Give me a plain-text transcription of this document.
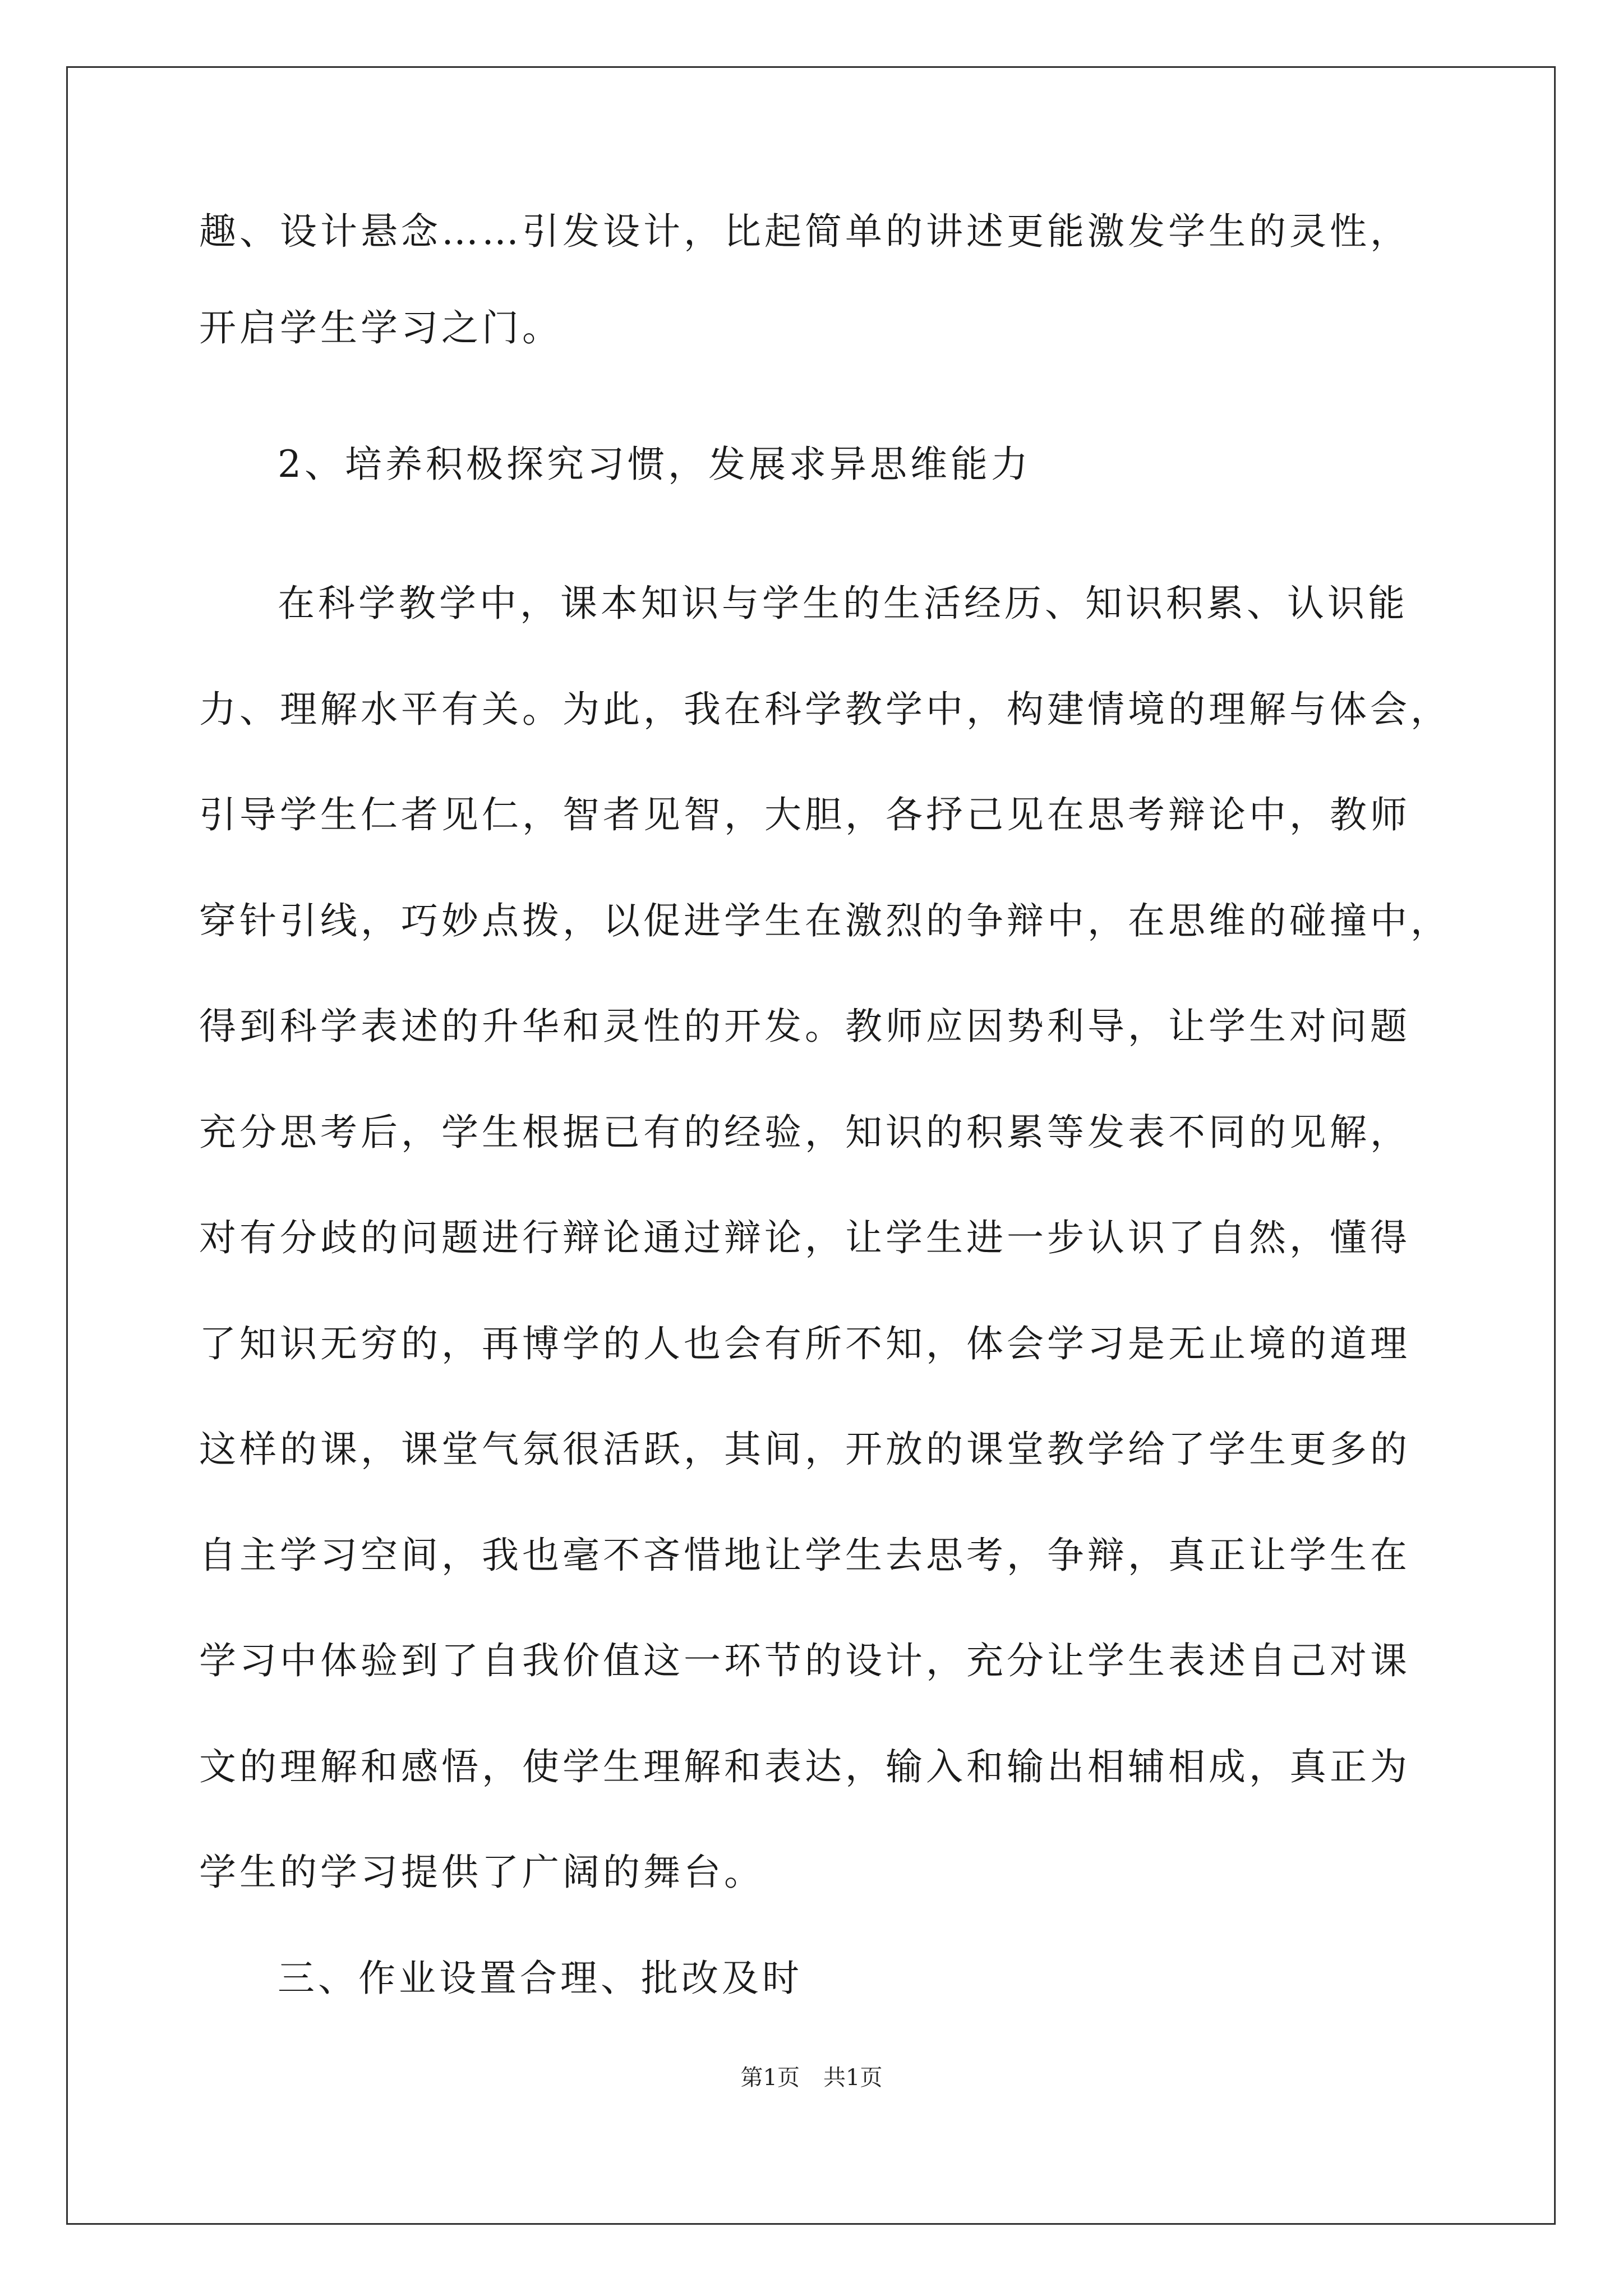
趣、设计悬念……引发设计，比起简单的讲述更能激发学生的灵性，
开启学生学习之门。
2、培养积极探究习惯，发展求异思维能力
在科学教学中，课本知识与学生的生活经历、知识积累、认识能
力、理解水平有关。为此，我在科学教学中，构建情境的理解与体会，
引导学生仁者见仁，智者见智，大胆，各抒己见在思考辩论中，教师
穿针引线，巧妙点拨，以促进学生在激烈的争辩中，在思维的碰撞中，
得到科学表述的升华和灵性的开发。教师应因势利导，让学生对问题
充分思考后，学生根据已有的经验，知识的积累等发表不同的见解，
对有分歧的问题进行辩论通过辩论，让学生进一步认识了自然，懂得
了知识无穷的，再博学的人也会有所不知，体会学习是无止境的道理
这样的课，课堂气氛很活跃，其间，开放的课堂教学给了学生更多的
自主学习空间，我也毫不吝惜地让学生去思考，争辩，真正让学生在
学习中体验到了自我价值这一环节的设计，充分让学生表述自己对课
文的理解和感悟，使学生理解和表达，输入和输出相辅相成，真正为
学生的学习提供了广阔的舞台。
三、作业设置合理、批改及时
第1页 共1页
